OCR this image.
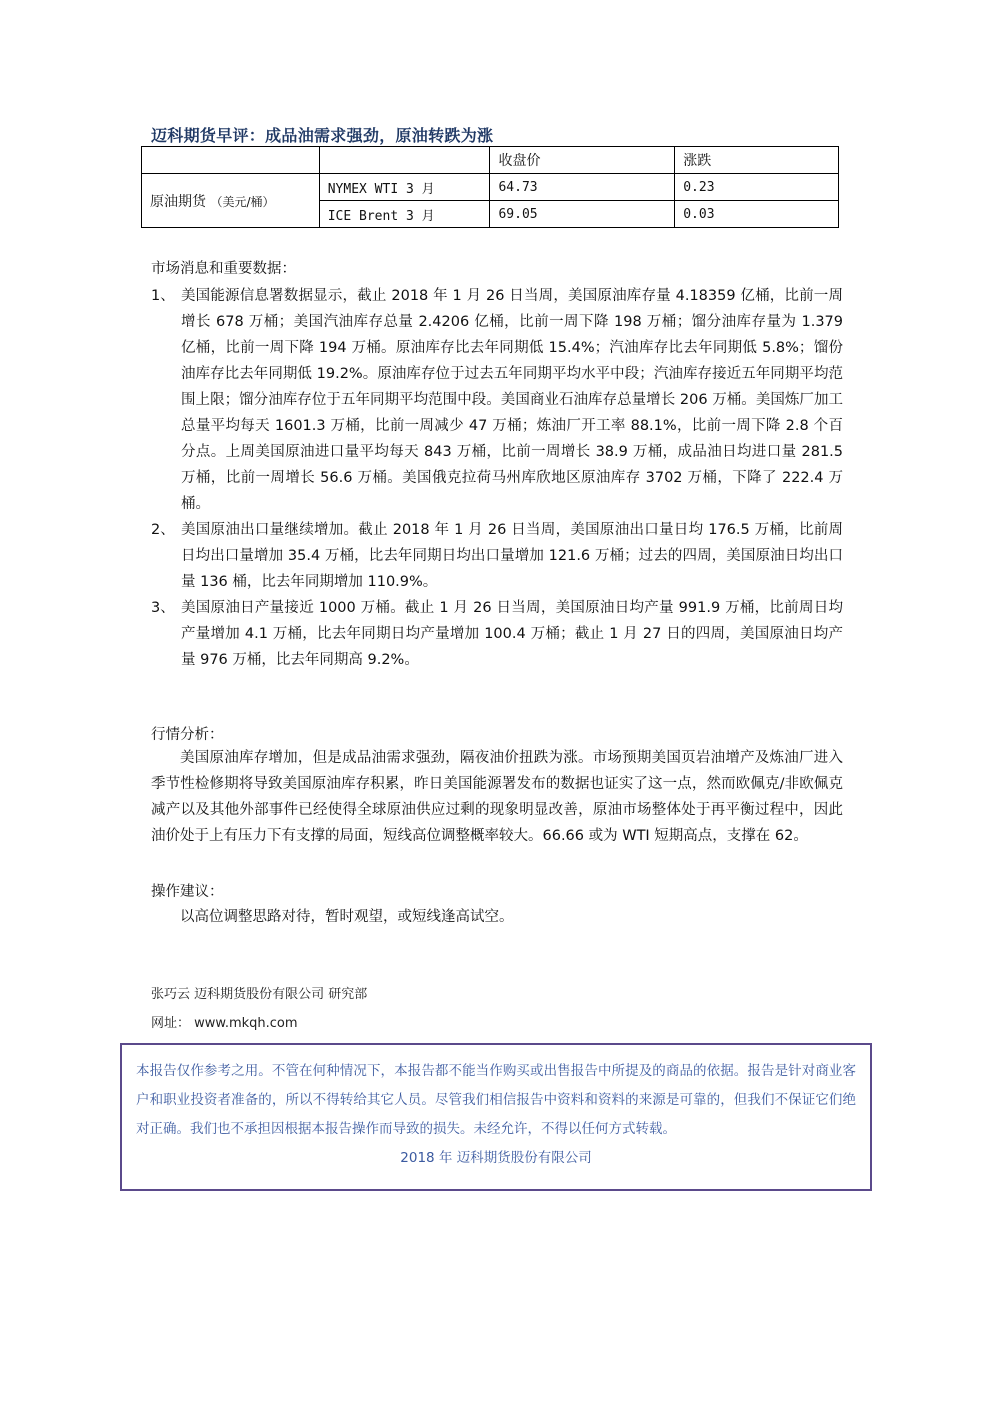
迈科期货早评：成品油需求强劲，原油转跌为涨
		收盘价	涨跌
原油期货 （美元/桶）	NYMEX WTI 3 月	64.73	0.23
	ICE Brent 3 月	69.05	0.03
市场消息和重要数据：
1、 美国能源信息署数据显示，截止 2018 年 1 月 26 日当周，美国原油库存量 4.18359 亿桶，比前一周增长 678 万桶；美国汽油库存总量 2.4206 亿桶，比前一周下降 198 万桶；馏分油库存量为 1.379 亿桶，比前一周下降 194 万桶。原油库存比去年同期低 15.4%；汽油库存比去年同期低 5.8%；馏份油库存比去年同期低 19.2%。原油库存位于过去五年同期平均水平中段；汽油库存接近五年同期平均范围上限；馏分油库存位于五年同期平均范围中段。美国商业石油库存总量增长 206 万桶。美国炼厂加工总量平均每天 1601.3 万桶，比前一周减少 47 万桶；炼油厂开工率 88.1%，比前一周下降 2.8 个百分点。上周美国原油进口量平均每天 843 万桶，比前一周增长 38.9 万桶，成品油日均进口量 281.5 万桶，比前一周增长 56.6 万桶。美国俄克拉荷马州库欣地区原油库存 3702 万桶，下降了 222.4 万桶。
2、 美国原油出口量继续增加。截止 2018 年 1 月 26 日当周，美国原油出口量日均 176.5 万桶，比前周日均出口量增加 35.4 万桶，比去年同期日均出口量增加 121.6 万桶；过去的四周，美国原油日均出口量 136 桶，比去年同期增加 110.9%。
3、 美国原油日产量接近 1000 万桶。截止 1 月 26 日当周，美国原油日均产量 991.9 万桶，比前周日均产量增加 4.1 万桶，比去年同期日均产量增加 100.4 万桶；截止 1 月 27 日的四周，美国原油日均产量 976 万桶，比去年同期高 9.2%。
行情分析：
美国原油库存增加，但是成品油需求强劲，隔夜油价扭跌为涨。市场预期美国页岩油增产及炼油厂进入季节性检修期将导致美国原油库存积累，昨日美国能源署发布的数据也证实了这一点，然而欧佩克/非欧佩克减产以及其他外部事件已经使得全球原油供应过剩的现象明显改善，原油市场整体处于再平衡过程中，因此油价处于上有压力下有支撑的局面，短线高位调整概率较大。66.66 或为 WTI 短期高点，支撑在 62。
操作建议：
以高位调整思路对待，暂时观望，或短线逢高试空。
张巧云 迈科期货股份有限公司 研究部
网址： www.mkqh.com
本报告仅作参考之用。不管在何种情况下，本报告都不能当作购买或出售报告中所提及的商品的依据。报告是针对商业客户和职业投资者准备的，所以不得转给其它人员。尽管我们相信报告中资料和资料的来源是可靠的，但我们不保证它们绝对正确。我们也不承担因根据本报告操作而导致的损失。未经允许，不得以任何方式转载。
2018 年 迈科期货股份有限公司
